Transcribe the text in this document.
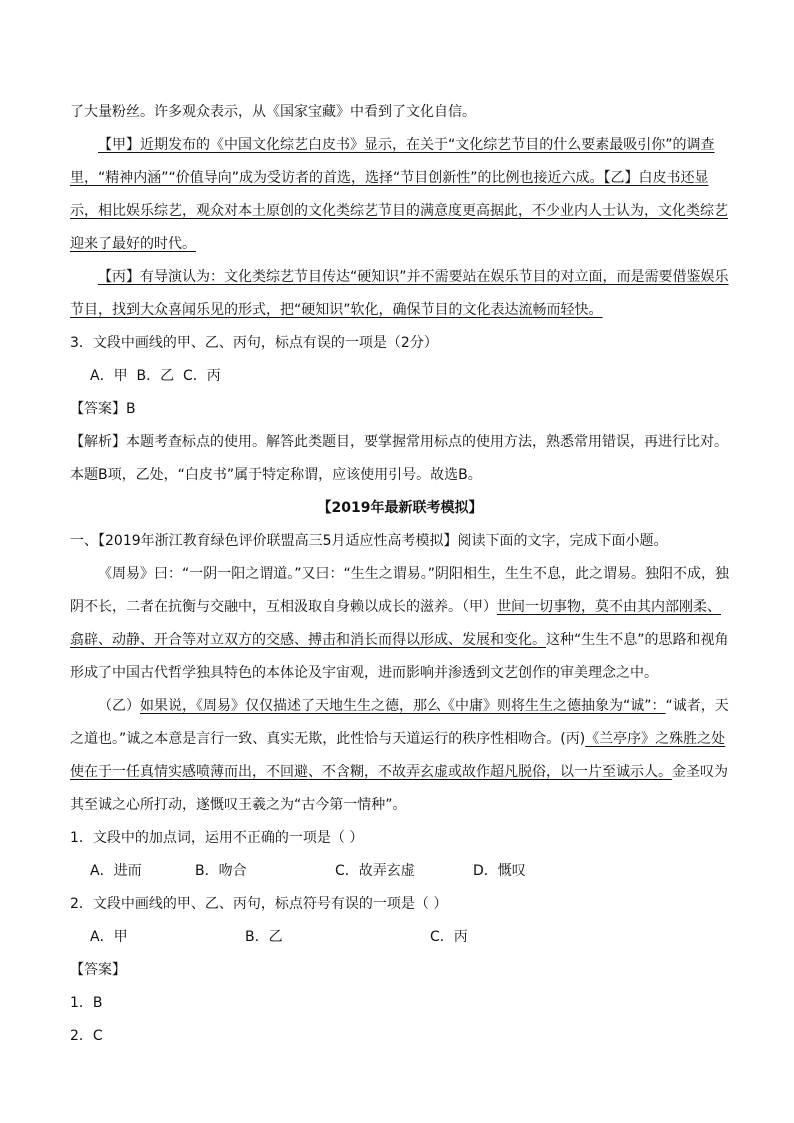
了大量粉丝。许多观众表示，从《国家宝藏》中看到了文化自信。

【甲】近期发布的《中国文化综艺白皮书》显示，在关于“文化综艺节目的什么要素最吸引你”的调查里，“精神内涵”“价值导向”成为受访者的首选，选择“节目创新性”的比例也接近六成。【乙】白皮书还显示，相比娱乐综艺，观众对本土原创的文化类综艺节目的满意度更高据此，不少业内人士认为，文化类综艺迎来了最好的时代。

【丙】有导演认为：文化类综艺节目传达“硬知识”并不需要站在娱乐节目的对立面，而是需要借鉴娱乐节目，找到大众喜闻乐见的形式，把“硬知识”软化，确保节目的文化表达流畅而轻快。

3．文段中画线的甲、乙、丙句，标点有误的一项是（2分）

A．甲  B．乙  C．丙

【答案】B

【解析】本题考查标点的使用。解答此类题目，要掌握常用标点的使用方法，熟悉常用错误，再进行比对。本题B项，乙处，“白皮书”属于特定称谓，应该使用引号。故选B。

【2019年最新联考模拟】

一、【2019年浙江教育绿色评价联盟高三5月适应性高考模拟】阅读下面的文字，完成下面小题。

《周易》曰：“一阴一阳之谓道。”又曰：“生生之谓易。”阴阳相生，生生不息，此之谓易。独阳不成，独阴不长，二者在抗衡与交融中，互相汲取自身赖以成长的滋养。（甲）世间一切事物，莫不由其内部刚柔、翕辟、动静、开合等对立双方的交感、搏击和消长而得以形成、发展和变化。这种“生生不息”的思路和视角形成了中国古代哲学独具特色的本体论及宇宙观，进而影响并渗透到文艺创作的审美理念之中。

（乙）如果说，《周易》仅仅描述了天地生生之德，那么《中庸》则将生生之德抽象为“诚”：“诚者，天之道也。”诚之本意是言行一致、真实无欺，此性恰与天道运行的秩序性相吻合。(丙)《兰亭序》之殊胜之处使在于一任真情实感喷薄而出，不回避、不含糊，不故弄玄虚或故作超凡脱俗，以一片至诚示人。金圣叹为其至诚之心所打动，遂慨叹王羲之为“古今第一情种”。

1．文段中的加点词，运用不正确的一项是（ ）

A．进而	B．吻合	C．故弄玄虚	D．慨叹

2．文段中画线的甲、乙、丙句，标点符号有误的一项是（ ）

A．甲	B．乙	C．丙

【答案】

1．B

2．C
